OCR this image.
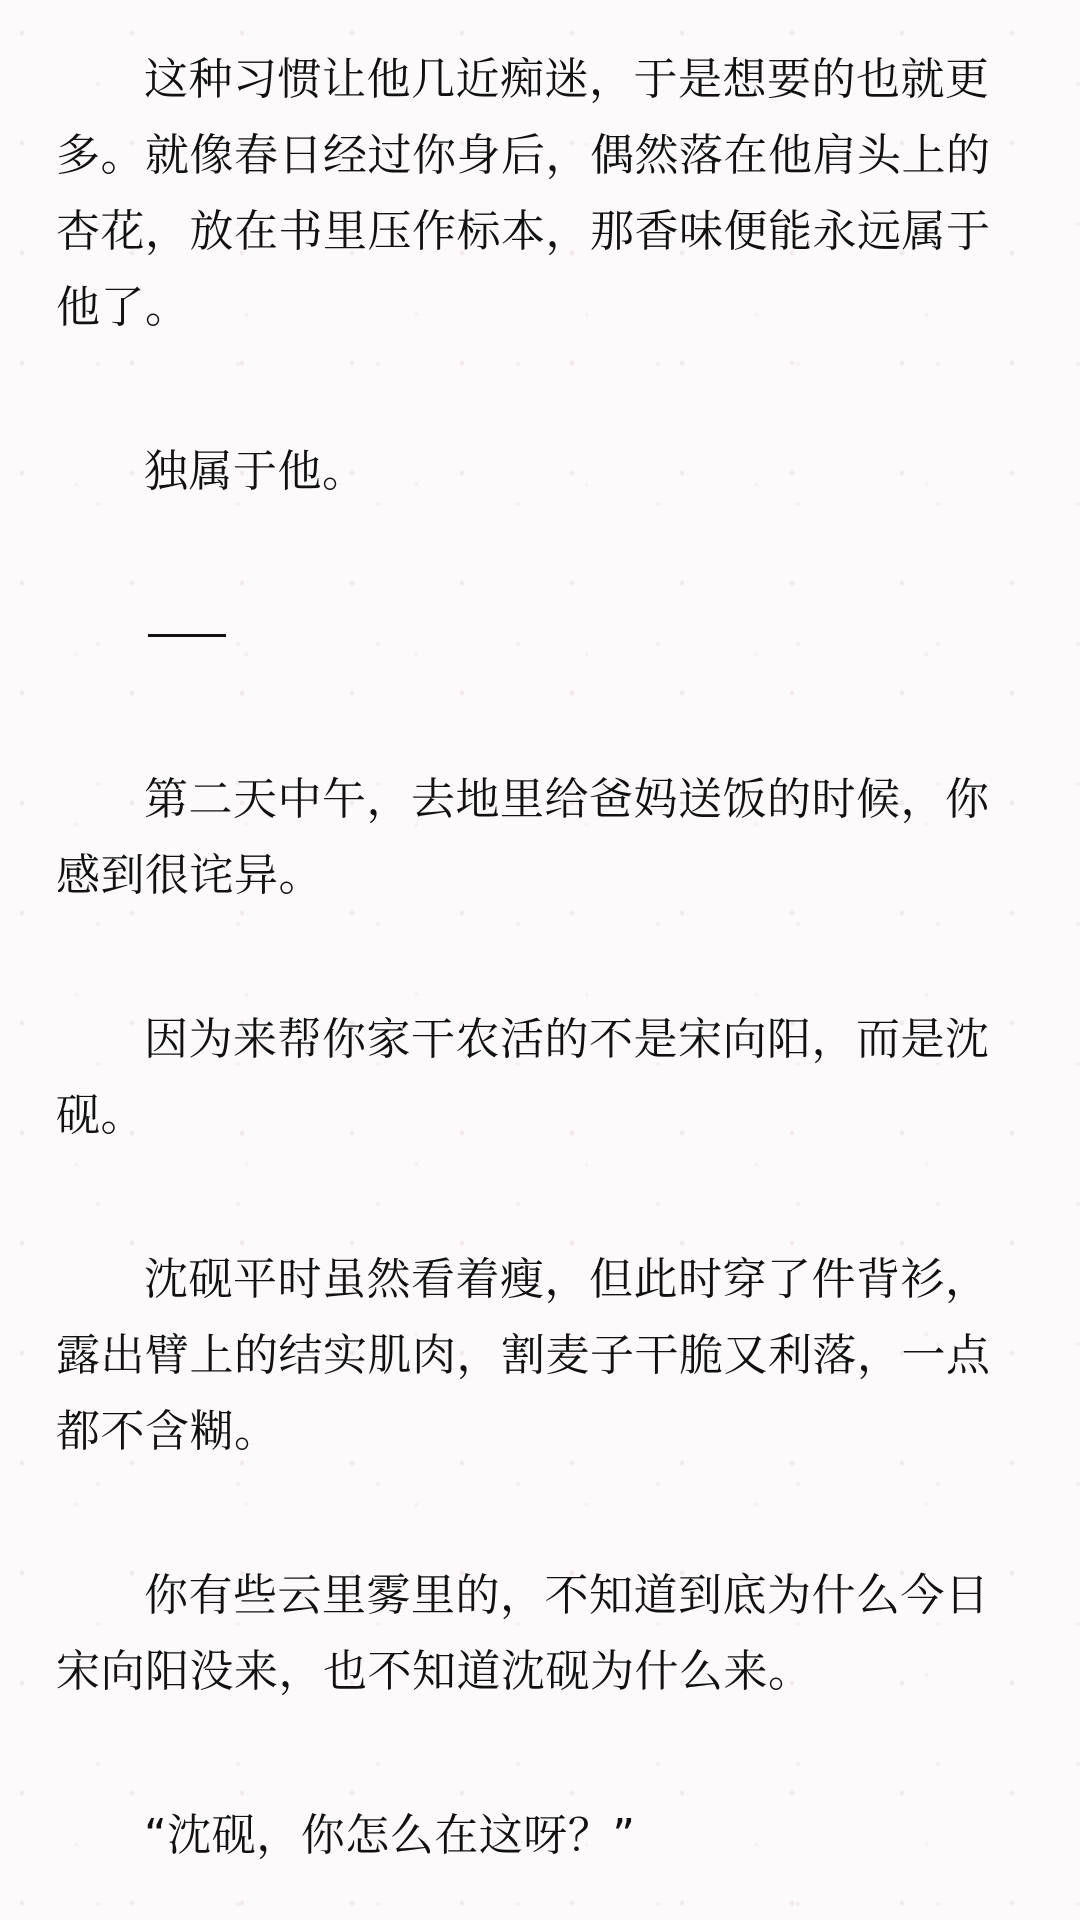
这种习惯让他几近痴迷，于是想要的也就更多。就像春日经过你身后，偶然落在他肩头上的杏花，放在书里压作标本，那香味便能永远属于他了。

独属于他。

第二天中午，去地里给爸妈送饭的时候，你感到很诧异。

因为来帮你家干农活的不是宋向阳，而是沈砚。

沈砚平时虽然看着瘦，但此时穿了件背衫，露出臂上的结实肌肉，割麦子干脆又利落，一点都不含糊。

你有些云里雾里的，不知道到底为什么今日宋向阳没来，也不知道沈砚为什么来。

“沈砚，你怎么在这呀？”
